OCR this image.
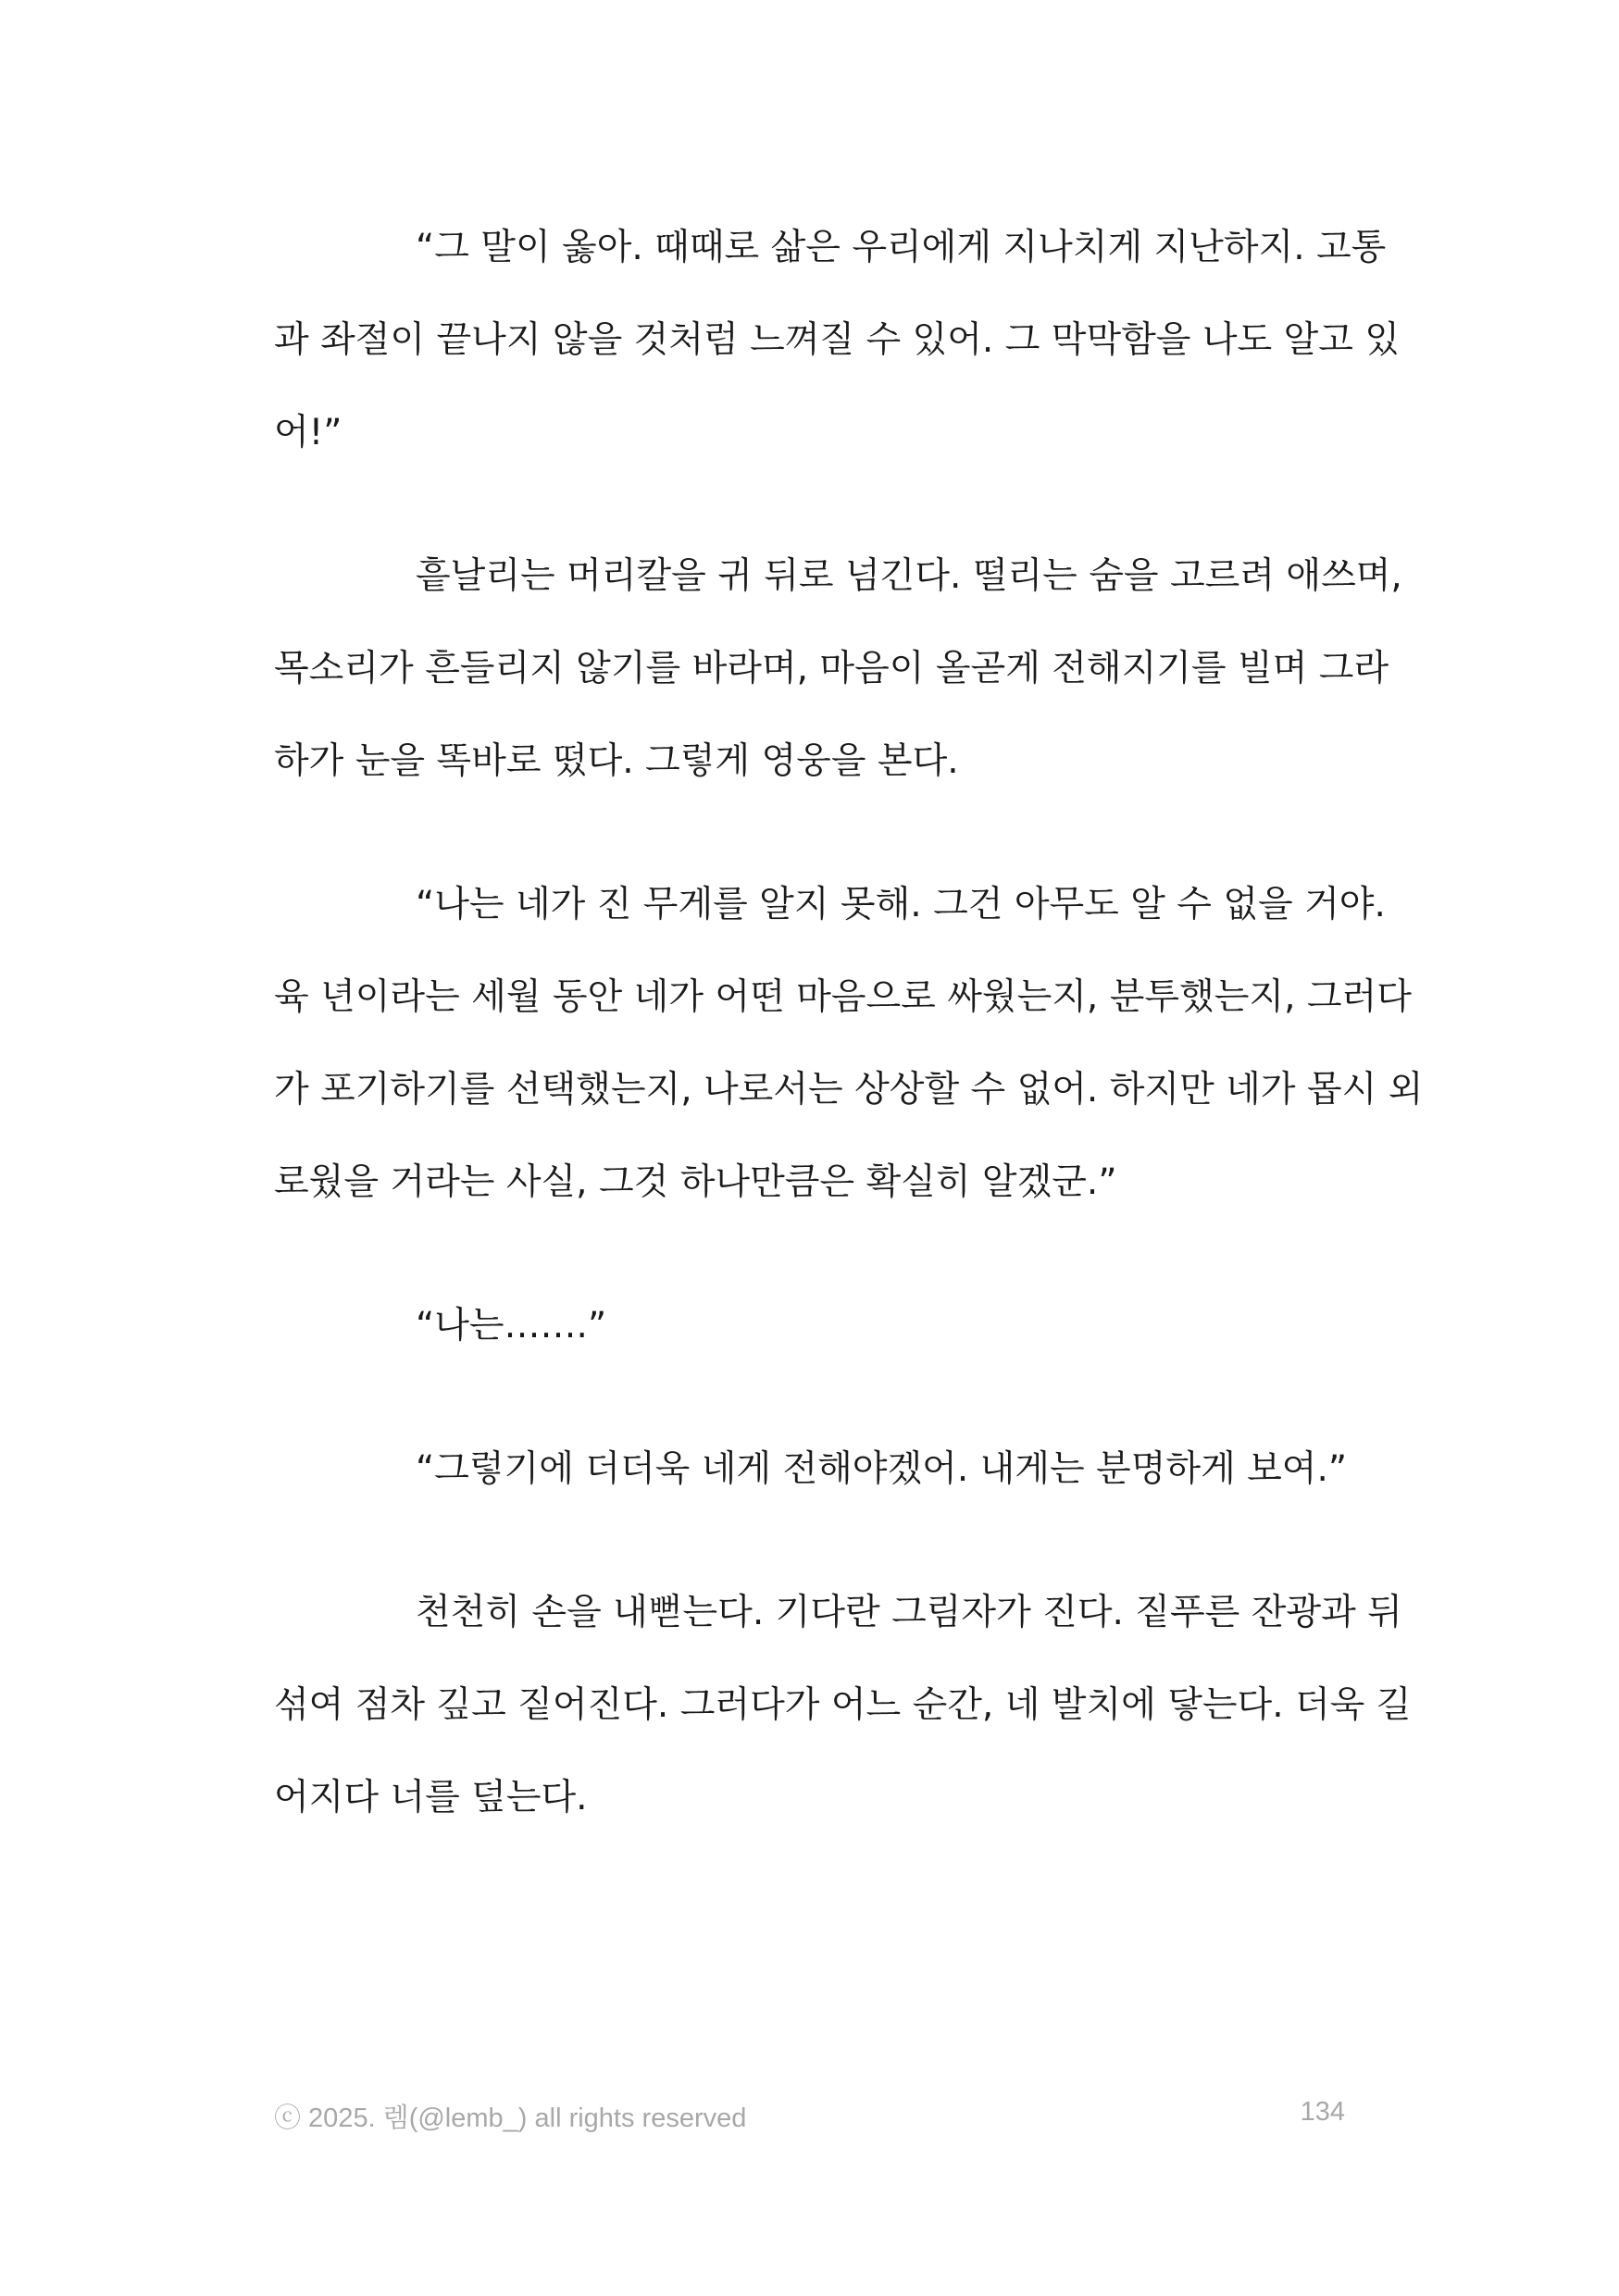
“그 말이 옳아. 때때로 삶은 우리에게 지나치게 지난하지. 고통
과 좌절이 끝나지 않을 것처럼 느껴질 수 있어. 그 막막함을 나도 알고 있
어!”
흩날리는 머리칼을 귀 뒤로 넘긴다. 떨리는 숨을 고르려 애쓰며,
목소리가 흔들리지 않기를 바라며, 마음이 올곧게 전해지기를 빌며 그라
하가 눈을 똑바로 떴다. 그렇게 영웅을 본다.
“나는 네가 진 무게를 알지 못해. 그건 아무도 알 수 없을 거야.
육 년이라는 세월 동안 네가 어떤 마음으로 싸웠는지, 분투했는지, 그러다
가 포기하기를 선택했는지, 나로서는 상상할 수 없어. 하지만 네가 몹시 외
로웠을 거라는 사실, 그것 하나만큼은 확실히 알겠군.”
“나는…….”
“그렇기에 더더욱 네게 전해야겠어. 내게는 분명하게 보여.”
천천히 손을 내뻗는다. 기다란 그림자가 진다. 짙푸른 잔광과 뒤
섞여 점차 깊고 짙어진다. 그러다가 어느 순간, 네 발치에 닿는다. 더욱 길
어지다 너를 덮는다.
ⓒ 2025. 렘(@lemb_) all rights reserved	134
